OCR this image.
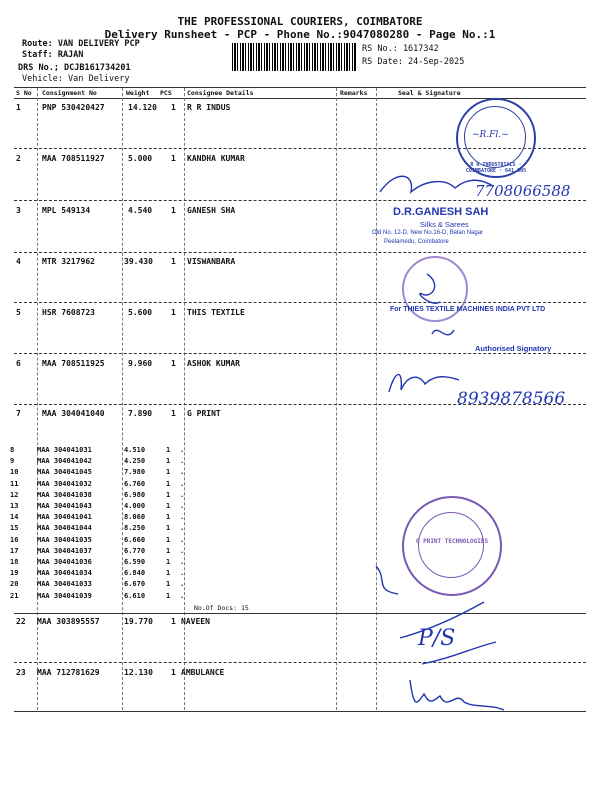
THE PROFESSIONAL COURIERS, COIMBATORE
Delivery Runsheet - PCP - Phone No.:9047080280 - Page No.:1
Route: VAN DELIVERY PCP
Staff: RAJAN
DRS No.; DCJB161734201
Vehicle: Van Delivery
RS No.: 1617342
RS Date: 24-Sep-2025
S No Consignment No	Weight PCS Consignee Details	Remarks	Seal & Signature
1	PNP 530420427	14.120 1 R R INDUS
2	MAA 708511927	5.000 1 KANDHA KUMAR
3	MPL 549134	4.540 1 GANESH SHA
4	MTR 3217962	39.430 1 VISWANBARA
5	HSR 7608723	5.600 1 THIS TEXTILE
6	MAA 708511925	9.960 1 ASHOK KUMAR
7	MAA 304041040	7.890 1 G PRINT
8	MAA 304041031	4.510	1 .
9	MAA 304041042	4.250	1 .
10	MAA 304041045	7.980	1 .
11	MAA 304041032	6.760	1 .
12	MAA 304041038	6.980	1 .
13	MAA 304041043	4.000	1 .
14	MAA 304041041	8.060	1 .
15	MAA 304041044	8.250	1 .
16	MAA 304041035	6.660	1 .
17	MAA 304041037	6.770	1 .
18	MAA 304041036	6.590	1 .
19	MAA 304041034	6.840	1 .
20	MAA 304041033	6.670	1 .
21	MAA 304041039	6.610	1 .
No.Of Docs: 15
22 MAA 303895557	19.770 1 NAVEEN
23 MAA 712781629	12.130 1 AMBULANCE
~R.Fl.~
R R INDUSTRIALS · COIMBATORE · 641 005
7708066588
D.R.GANESH SAH
Silks & Sarees
Old No. 12-D, New No.16-D, Belan Nagar
Peelamedu, Coimbatore
For THIES TEXTILE MACHINES INDIA PVT LTD
Authorised Signatory
8939878566
G PRINT TECHNOLOGIES
P/S
